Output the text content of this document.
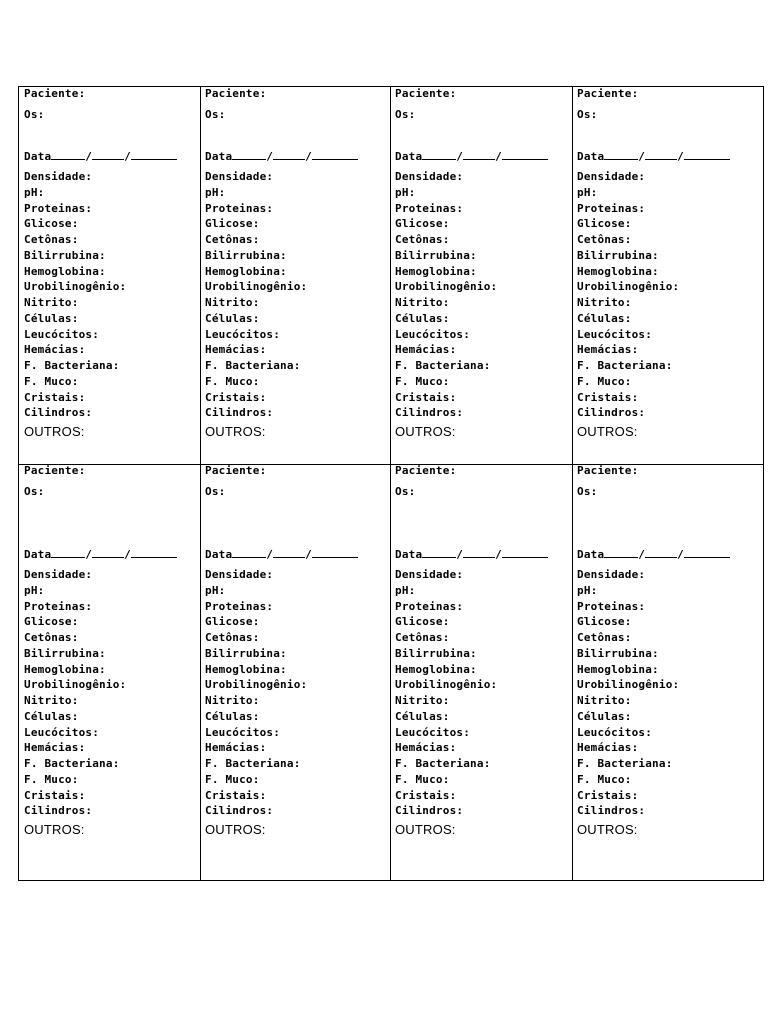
Paciente:
Os:
Data	/	/
Densidade:
pH:
Proteinas:
Glicose:
Cetônas:
Bilirrubina:
Hemoglobina:
Urobilinogênio:
Nitrito:
Células:
Leucócitos:
Hemácias:
F. Bacteriana:
F. Muco:
Cristais:
Cilindros:
OUTROS:
Paciente:
Os:
Data	/	/
Densidade:
pH:
Proteinas:
Glicose:
Cetônas:
Bilirrubina:
Hemoglobina:
Urobilinogênio:
Nitrito:
Células:
Leucócitos:
Hemácias:
F. Bacteriana:
F. Muco:
Cristais:
Cilindros:
OUTROS:
Paciente:
Os:
Data	/	/
Densidade:
pH:
Proteinas:
Glicose:
Cetônas:
Bilirrubina:
Hemoglobina:
Urobilinogênio:
Nitrito:
Células:
Leucócitos:
Hemácias:
F. Bacteriana:
F. Muco:
Cristais:
Cilindros:
OUTROS:
Paciente:
Os:
Data	/	/
Densidade:
pH:
Proteinas:
Glicose:
Cetônas:
Bilirrubina:
Hemoglobina:
Urobilinogênio:
Nitrito:
Células:
Leucócitos:
Hemácias:
F. Bacteriana:
F. Muco:
Cristais:
Cilindros:
OUTROS:
Paciente:
Os:
Data	/	/
Densidade:
pH:
Proteinas:
Glicose:
Cetônas:
Bilirrubina:
Hemoglobina:
Urobilinogênio:
Nitrito:
Células:
Leucócitos:
Hemácias:
F. Bacteriana:
F. Muco:
Cristais:
Cilindros:
OUTROS:
Paciente:
Os:
Data	/	/
Densidade:
pH:
Proteinas:
Glicose:
Cetônas:
Bilirrubina:
Hemoglobina:
Urobilinogênio:
Nitrito:
Células:
Leucócitos:
Hemácias:
F. Bacteriana:
F. Muco:
Cristais:
Cilindros:
OUTROS:
Paciente:
Os:
Data	/	/
Densidade:
pH:
Proteinas:
Glicose:
Cetônas:
Bilirrubina:
Hemoglobina:
Urobilinogênio:
Nitrito:
Células:
Leucócitos:
Hemácias:
F. Bacteriana:
F. Muco:
Cristais:
Cilindros:
OUTROS:
Paciente:
Os:
Data	/	/
Densidade:
pH:
Proteinas:
Glicose:
Cetônas:
Bilirrubina:
Hemoglobina:
Urobilinogênio:
Nitrito:
Células:
Leucócitos:
Hemácias:
F. Bacteriana:
F. Muco:
Cristais:
Cilindros:
OUTROS:
